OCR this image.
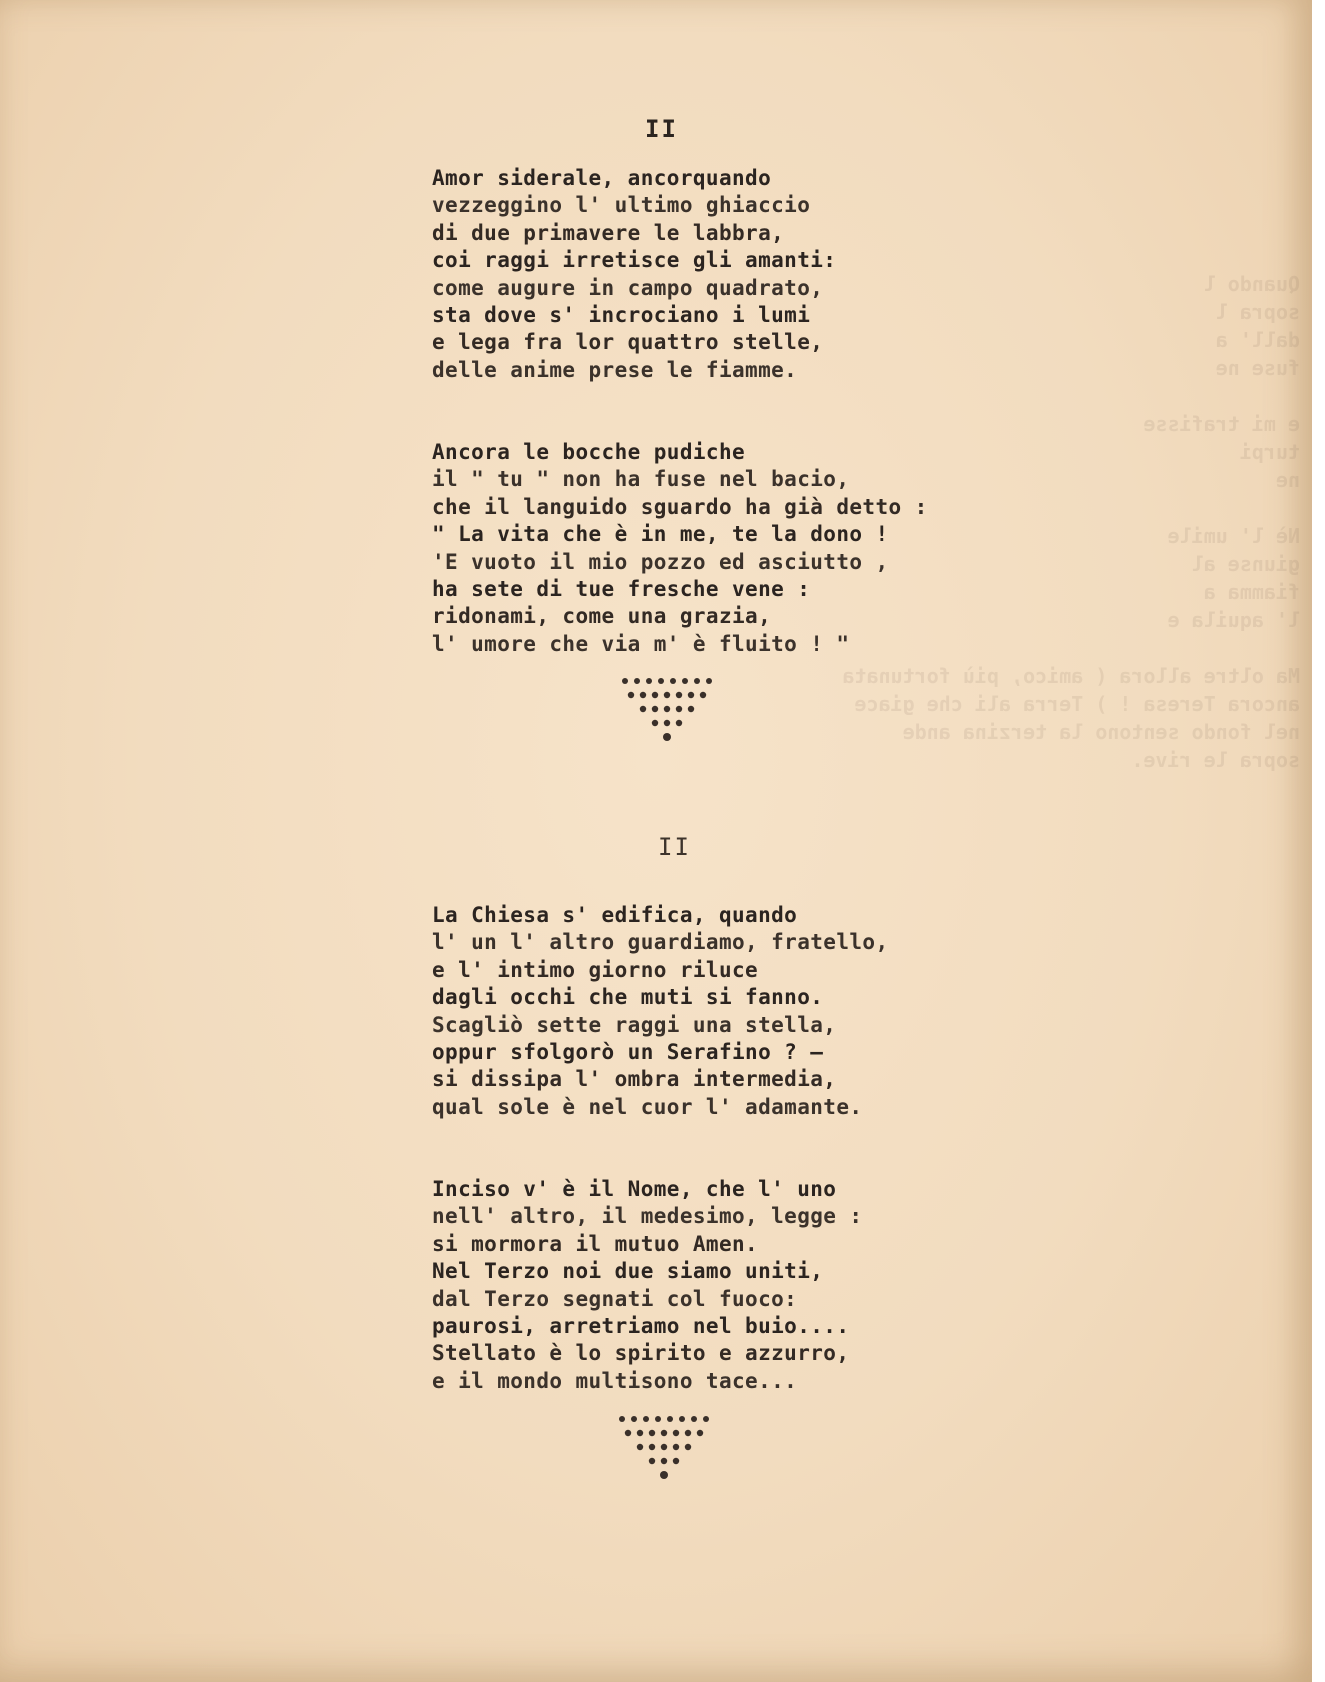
Quando l
sopra l
dall' a
fuse ne

e mi trafisse
turpi
ne

Nè l' umile
giunse al
fiamma a
l' aquila e

Ma oltre allora ( amico, più fortunata
ancora Teresa ! ) Terra ali che giace
nel fondo sentono la terzina ande
sopra le rive.
II
Amor siderale, ancorquando
vezzeggino l' ultimo ghiaccio
di due primavere le labbra,
coi raggi irretisce gli amanti:
come augure in campo quadrato,
sta dove s' incrociano i lumi
e lega fra lor quattro stelle,
delle anime prese le fiamme.
Ancora le bocche pudiche
il " tu " non ha fuse nel bacio,
che il languido sguardo ha già detto :
" La vita che è in me, te la dono !
'E vuoto il mio pozzo ed asciutto ,
ha sete di tue fresche vene :
ridonami, come una grazia,
l' umore che via m' è fluito ! "
II
La Chiesa s' edifica, quando
l' un l' altro guardiamo, fratello,
e l' intimo giorno riluce
dagli occhi che muti si fanno.
Scagliò sette raggi una stella,
oppur sfolgorò un Serafino ? —
si dissipa l' ombra intermedia,
qual sole è nel cuor l' adamante.
Inciso v' è il Nome, che l' uno
nell' altro, il medesimo, legge :
si mormora il mutuo Amen.
Nel Terzo noi due siamo uniti,
dal Terzo segnati col fuoco:
paurosi, arretriamo nel buio....
Stellato è lo spirito e azzurro,
e il mondo multisono tace...
